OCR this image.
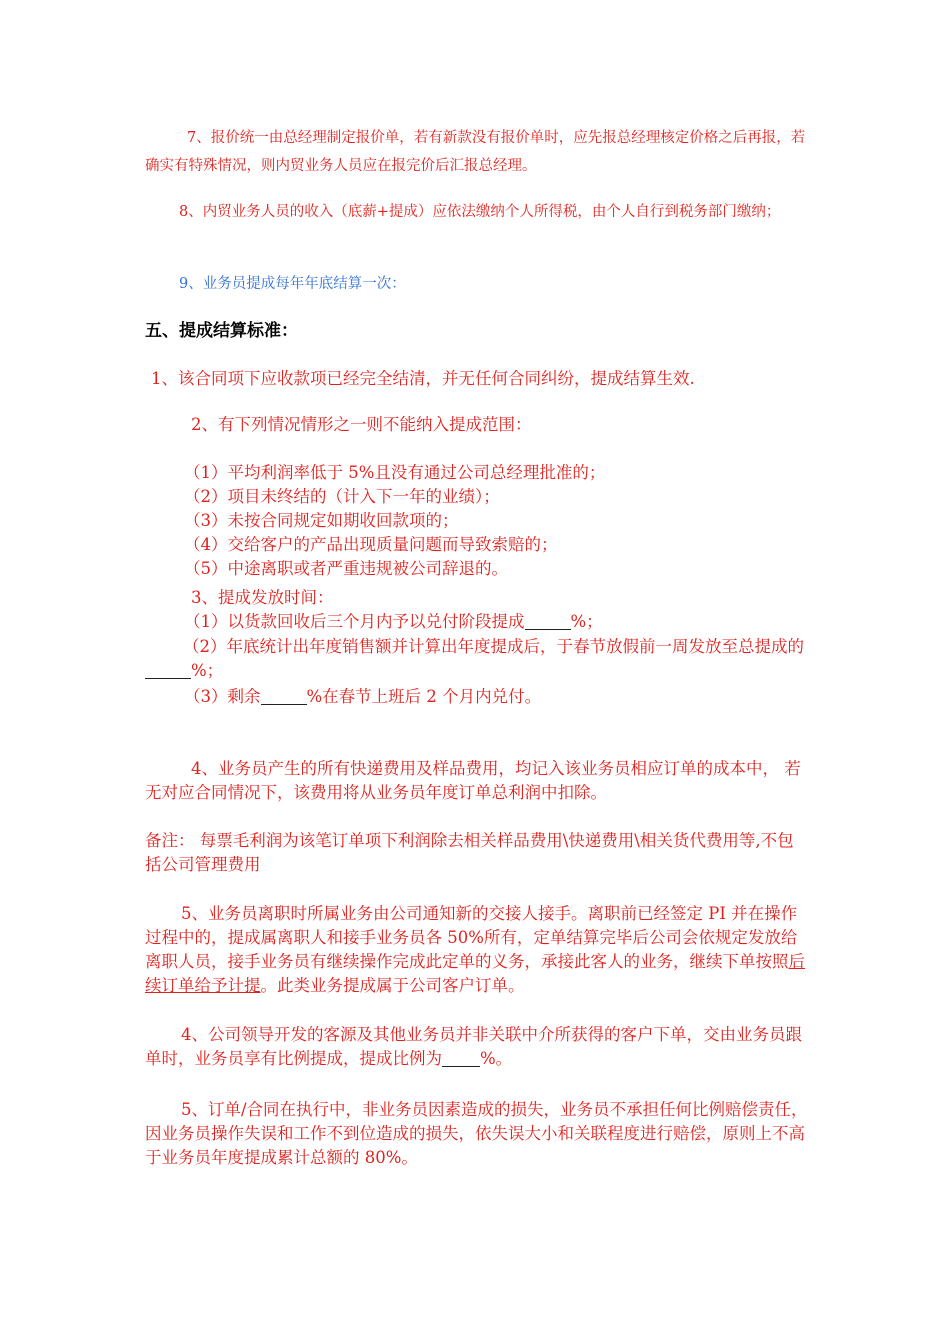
7、报价统一由总经理制定报价单，若有新款没有报价单时，应先报总经理核定价格之后再报，若确实有特殊情况，则内贸业务人员应在报完价后汇报总经理。

8、内贸业务人员的收入（底薪+提成）应依法缴纳个人所得税，由个人自行到税务部门缴纳；

9、业务员提成每年年底结算一次：

五、提成结算标准：

1、该合同项下应收款项已经完全结清，并无任何合同纠纷，提成结算生效.

2、有下列情况情形之一则不能纳入提成范围：

（1）平均利润率低于 5%且没有通过公司总经理批准的；
（2）项目未终结的（计入下一年的业绩）；
（3）未按合同规定如期收回款项的；
（4）交给客户的产品出现质量问题而导致索赔的；
（5）中途离职或者严重违规被公司辞退的。

3、提成发放时间：

（1）以货款回收后三个月内予以兑付阶段提成	%；

（2）年底统计出年度销售额并计算出年度提成后，于春节放假前一周发放至总提成的%；

（3）剩余	%在春节上班后 2 个月内兑付。

4、业务员产生的所有快递费用及样品费用，均记入该业务员相应订单的成本中， 若无对应合同情况下，该费用将从业务员年度订单总利润中扣除。

备注： 每票毛利润为该笔订单项下利润除去相关样品费用\快递费用\相关货代费用等,不包括公司管理费用

5、业务员离职时所属业务由公司通知新的交接人接手。离职前已经签定 PI 并在操作过程中的，提成属离职人和接手业务员各 50%所有，定单结算完毕后公司会依规定发放给离职人员，接手业务员有继续操作完成此定单的义务，承接此客人的业务，继续下单按照后续订单给予计提。此类业务提成属于公司客户订单。

4、公司领导开发的客源及其他业务员并非关联中介所获得的客户下单，交由业务员跟单时，业务员享有比例提成，提成比例为 %。

5、订单/合同在执行中，非业务员因素造成的损失，业务员不承担任何比例赔偿责任，因业务员操作失误和工作不到位造成的损失，依失误大小和关联程度进行赔偿，原则上不高于业务员年度提成累计总额的 80%。
